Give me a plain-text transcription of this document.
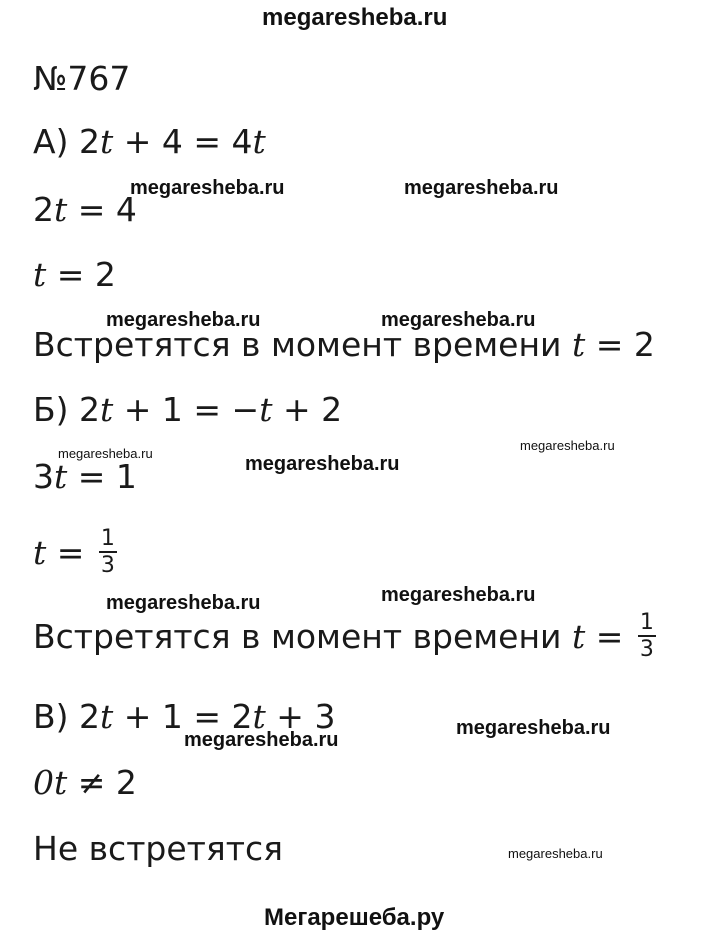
megaresheba.ru
№767
А) 2t + 4 = 4t
2t = 4
t = 2
Встретятся в момент времени t = 2
Б) 2t + 1 = −t + 2
3t = 1
$t = \frac{1}{3}$
Встретятся в момент времени $t = \frac{1}{3}$
В) 2t + 1 = 2t + 3
0t ≠ 2
Не встретятся
megaresheba.ru	megaresheba.ru
megaresheba.ru	megaresheba.ru
megaresheba.ru
megaresheba.ru
megaresheba.ru
megaresheba.ru	megaresheba.ru
megaresheba.ru
megaresheba.ru
megaresheba.ru
Мегарешеба.ру
